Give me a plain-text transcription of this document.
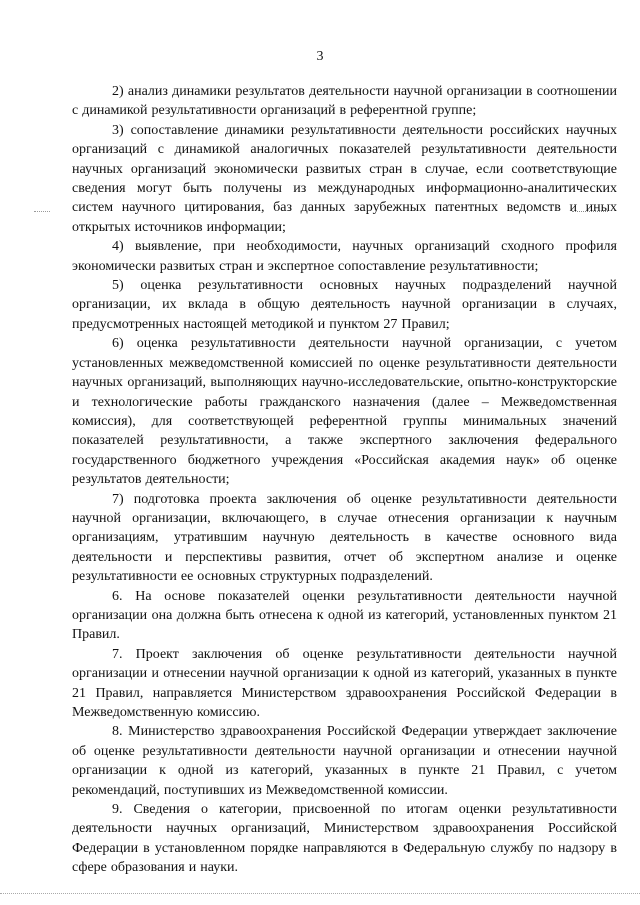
3

2) анализ динамики результатов деятельности научной организации в соотношении с динамикой результативности организаций в референтной группе;

3) сопоставление динамики результативности деятельности российских научных организаций с динамикой аналогичных показателей результативности деятельности научных организаций экономически развитых стран в случае, если соответствующие сведения могут быть получены из международных информационно-аналитических систем научного цитирования, баз данных зарубежных патентных ведомств и иных открытых источников информации;

4) выявление, при необходимости, научных организаций сходного профиля экономически развитых стран и экспертное сопоставление результативности;

5) оценка результативности основных научных подразделений научной организации, их вклада в общую деятельность научной организации в случаях, предусмотренных настоящей методикой и пунктом 27 Правил;

6) оценка результативности деятельности научной организации, с учетом установленных межведомственной комиссией по оценке результативности деятельности научных организаций, выполняющих научно-исследовательские, опытно-конструкторские и технологические работы гражданского назначения (далее – Межведомственная комиссия), для соответствующей референтной группы минимальных значений показателей результативности, а также экспертного заключения федерального государственного бюджетного учреждения «Российская академия наук» об оценке результатов деятельности;

7) подготовка проекта заключения об оценке результативности деятельности научной организации, включающего, в случае отнесения организации к научным организациям, утратившим научную деятельность в качестве основного вида деятельности и перспективы развития, отчет об экспертном анализе и оценке результативности ее основных структурных подразделений.

6. На основе показателей оценки результативности деятельности научной организации она должна быть отнесена к одной из категорий, установленных пунктом 21 Правил.

7. Проект заключения об оценке результативности деятельности научной организации и отнесении научной организации к одной из категорий, указанных в пункте 21 Правил, направляется Министерством здравоохранения Российской Федерации в Межведомственную комиссию.

8. Министерство здравоохранения Российской Федерации утверждает заключение об оценке результативности деятельности научной организации и отнесении научной организации к одной из категорий, указанных в пункте 21 Правил, с учетом рекомендаций, поступивших из Межведомственной комиссии.

9. Сведения о категории, присвоенной по итогам оценки результативности деятельности научных организаций, Министерством здравоохранения Российской Федерации в установленном порядке направляются в Федеральную службу по надзору в сфере образования и науки.
